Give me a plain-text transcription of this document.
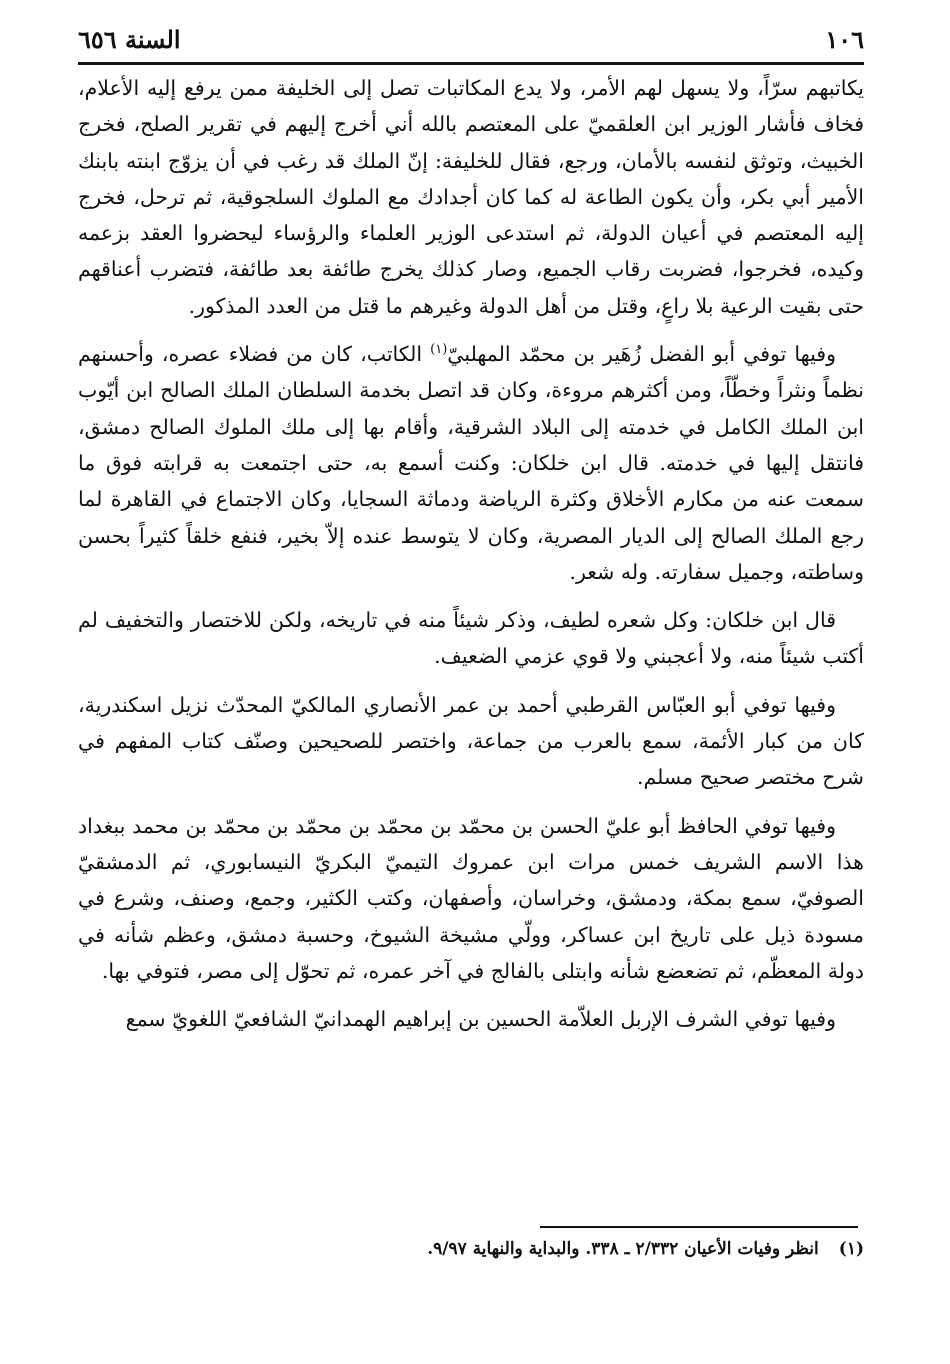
١٠٦
السنة ٦٥٦

يكاتبهم سرّاً، ولا يسهل لهم الأمر، ولا يدع المكاتبات تصل إلى الخليفة ممن يرفع إليه الأعلام، فخاف فأشار الوزير ابن العلقميّ على المعتصم بالله أني أخرج إليهم في تقرير الصلح، فخرج الخبيث، وتوثق لنفسه بالأمان، ورجع، فقال للخليفة: إنّ الملك قد رغب في أن يزوّج ابنته بابنك الأمير أبي بكر، وأن يكون الطاعة له كما كان أجدادك مع الملوك السلجوقية، ثم ترحل، فخرج إليه المعتصم في أعيان الدولة، ثم استدعى الوزير العلماء والرؤساء ليحضروا العقد بزعمه وكيده، فخرجوا، فضربت رقاب الجميع، وصار كذلك يخرج طائفة بعد طائفة، فتضرب أعناقهم حتى بقيت الرعية بلا راعٍ، وقتل من أهل الدولة وغيرهم ما قتل من العدد المذكور.

وفيها توفي أبو الفضل زُهَير بن محمّد المهلبيّ$^{(١)}$ الكاتب، كان من فضلاء عصره، وأحسنهم نظماً ونثراً وخطّاً، ومن أكثرهم مروءة، وكان قد اتصل بخدمة السلطان الملك الصالح ابن أيّوب ابن الملك الكامل في خدمته إلى البلاد الشرقية، وأقام بها إلى ملك الملوك الصالح دمشق، فانتقل إليها في خدمته. قال ابن خلكان: وكنت أسمع به، حتى اجتمعت به قرابته فوق ما سمعت عنه من مكارم الأخلاق وكثرة الرياضة ودماثة السجايا، وكان الاجتماع في القاهرة لما رجع الملك الصالح إلى الديار المصرية، وكان لا يتوسط عنده إلاّ بخير، فنفع خلقاً كثيراً بحسن وساطته، وجميل سفارته. وله شعر.

قال ابن خلكان: وكل شعره لطيف، وذكر شيئاً منه في تاريخه، ولكن للاختصار والتخفيف لم أكتب شيئاً منه، ولا أعجبني ولا قوي عزمي الضعيف.

وفيها توفي أبو العبّاس القرطبي أحمد بن عمر الأنصاري المالكيّ المحدّث نزيل اسكندرية، كان من كبار الأئمة، سمع بالعرب من جماعة، واختصر للصحيحين وصنّف كتاب المفهم في شرح مختصر صحيح مسلم.

وفيها توفي الحافظ أبو عليّ الحسن بن محمّد بن محمّد بن محمّد بن محمّد بن محمد ببغداد هذا الاسم الشريف خمس مرات ابن عمروك التيميّ البكريّ النيسابوري، ثم الدمشقيّ الصوفيّ، سمع بمكة، ودمشق، وخراسان، وأصفهان، وكتب الكثير، وجمع، وصنف، وشرع في مسودة ذيل على تاريخ ابن عساكر، وولّي مشيخة الشيوخ، وحسبة دمشق، وعظم شأنه في دولة المعظّم، ثم تضعضع شأنه وابتلى بالفالج في آخر عمره، ثم تحوّل إلى مصر، فتوفي بها.

وفيها توفي الشرف الإربل العلاّمة الحسين بن إبراهيم الهمدانيّ الشافعيّ اللغويّ سمع

(١)انظر وفيات الأعيان ٢/٣٣٢ ـ ٣٣٨. والبداية والنهاية ٩/٩٧.
